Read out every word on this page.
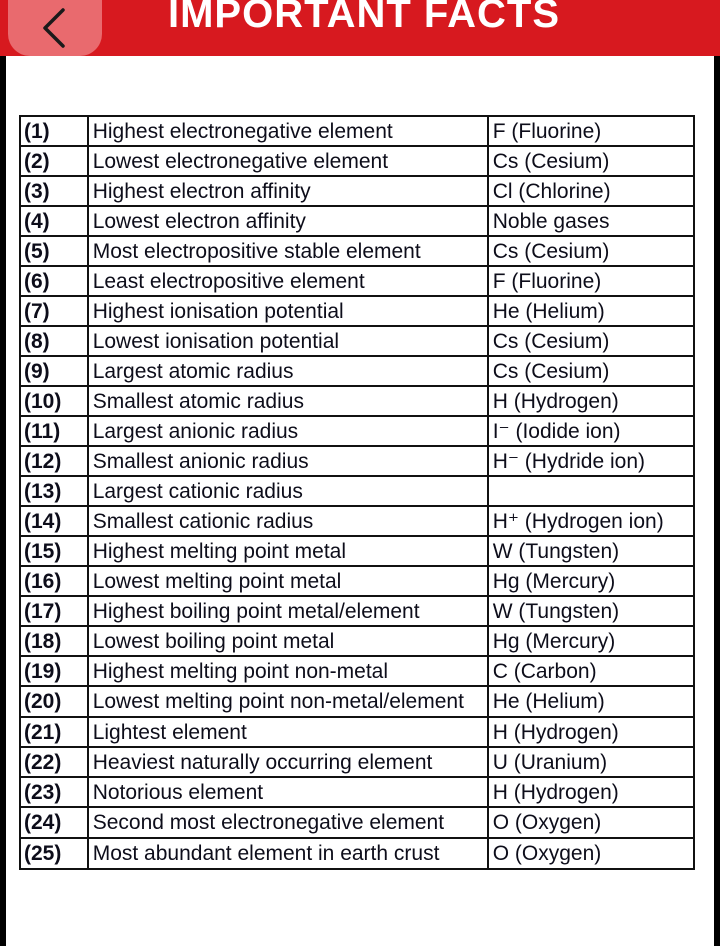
IMPORTANT FACTS
(1)	Highest electronegative element	F (Fluorine)
(2)	Lowest electronegative element	Cs (Cesium)
(3)	Highest electron affinity	Cl (Chlorine)
(4)	Lowest electron affinity	Noble gases
(5)	Most electropositive stable element	Cs (Cesium)
(6)	Least electropositive element	F (Fluorine)
(7)	Highest ionisation potential	He (Helium)
(8)	Lowest ionisation potential	Cs (Cesium)
(9)	Largest atomic radius	Cs (Cesium)
(10)	Smallest atomic radius	H (Hydrogen)
(11)	Largest anionic radius	I⁻ (Iodide ion)
(12)	Smallest anionic radius	H⁻ (Hydride ion)
(13)	Largest cationic radius	
(14)	Smallest cationic radius	H⁺ (Hydrogen ion)
(15)	Highest melting point metal	W (Tungsten)
(16)	Lowest melting point metal	Hg (Mercury)
(17)	Highest boiling point metal/element	W (Tungsten)
(18)	Lowest boiling point metal	Hg (Mercury)
(19)	Highest melting point non-metal	C (Carbon)
(20)	Lowest melting point non-metal/element	He (Helium)
(21)	Lightest element	H (Hydrogen)
(22)	Heaviest naturally occurring element	U (Uranium)
(23)	Notorious element	H (Hydrogen)
(24)	Second most electronegative element	O (Oxygen)
(25)	Most abundant element in earth crust	O (Oxygen)
